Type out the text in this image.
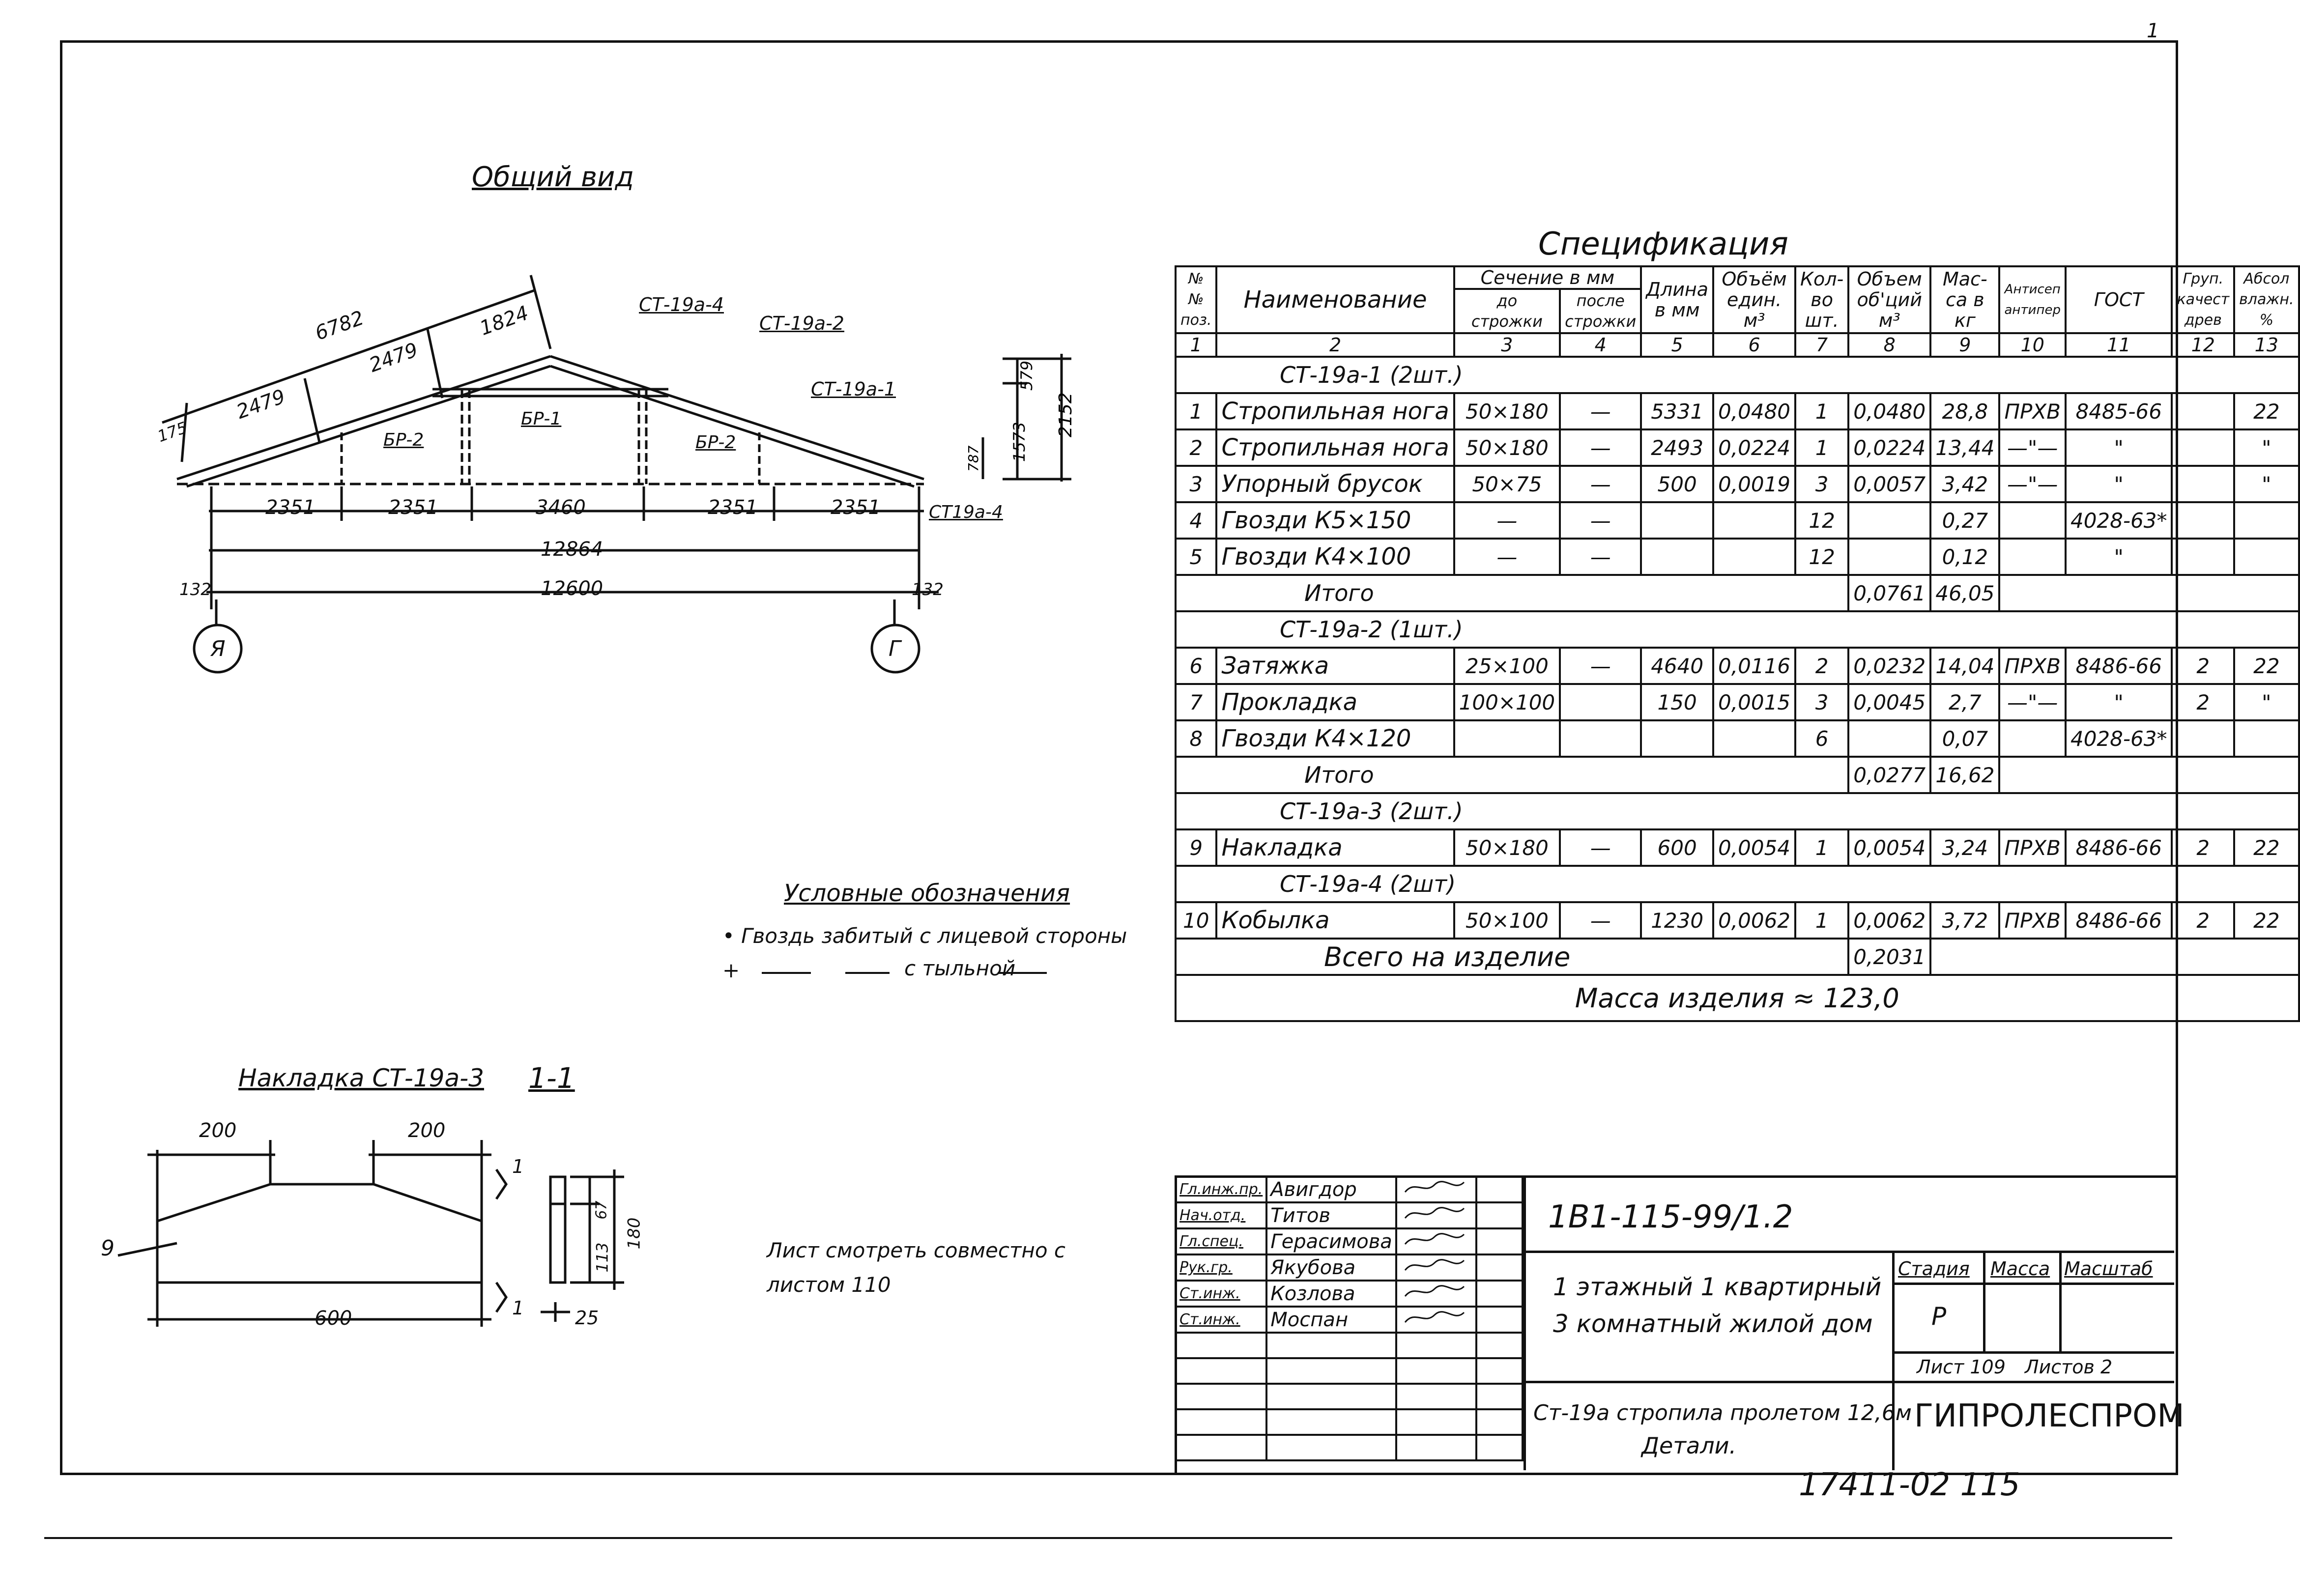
1
Общий вид
579
1573
2152
787
СТ-19а-4
СТ-19а-2
СТ-19а-1
БР-2
БР-1
БР-2
СТ19а-4
6782
2479
1824
2479
175
2351	2351	3460	2351	2351
12864
12600
132	132
Я	Г
Условные обозначения
• Гвоздь забитый с лицевой стороны
+	с тыльной
Накладка СТ-19а-3 1-1
200	200
600
67
113
180
25
9
1
1
Лист смотреть совместно с
листом 110
Спецификация
№ № поз.	Наименование	Сечение в мм		Длина в мм	Объём един. м³	Кол-во шт.	Объем об'ций м³	Мас-са в кг	Антисеп антипер	ГОСТ	Груп. качест древ	Абсол влажн. %
		до строжки	после строжки									
1	2	3	4	5	6	7	8	9	10	11	12	13
СТ-19а-1 (2шт.)												
1	Стропильная нога	50×180	—	5331	0,0480	1	0,0480	28,8	ПРХВ	8485-66		22
2	Стропильная нога	50×180	—	2493	0,0224	1	0,0224	13,44	—"—	"		"
3	Упорный брусок	50×75	—	500	0,0019	3	0,0057	3,42	—"—	"		"
4	Гвозди К5×150	—	—			12		0,27		4028-63*		
5	Гвозди К4×100	—	—			12		0,12		"		
Итого							0,0761	46,05				
СТ-19а-2 (1шт.)												
6	Затяжка	25×100	—	4640	0,0116	2	0,0232	14,04	ПРХВ	8486-66	2	22
7	Прокладка	100×100		150	0,0015	3	0,0045	2,7	—"—	"	2	"
8	Гвозди К4×120					6		0,07		4028-63*		
Итого							0,0277	16,62				
СТ-19а-3 (2шт.)												
9	Накладка	50×180	—	600	0,0054	1	0,0054	3,24	ПРХВ	8486-66	2	22
СТ-19а-4 (2шт)												
10	Кобылка	50×100	—	1230	0,0062	1	0,0062	3,72	ПРХВ	8486-66	2	22
Всего на изделие							0,2031					
Масса изделия ≈ 123,0												
Гл.инж.пр.	Авигдор		
Нач.отд.	Титов		
Гл.спец.	Герасимова		
Рук.гр.	Якубова		
Ст.инж.	Козлова		
Ст.инж.	Моспан		

1В1-115-99/1.2
1 этажный 1 квартирный
3 комнатный жилой дом
Стадия Масса Масштаб
Р
Лист 109 Листов 2
Ст-19а стропила пролетом 12,6м
Детали.
ГИПРОЛЕСПРОМ
17411-02 115
